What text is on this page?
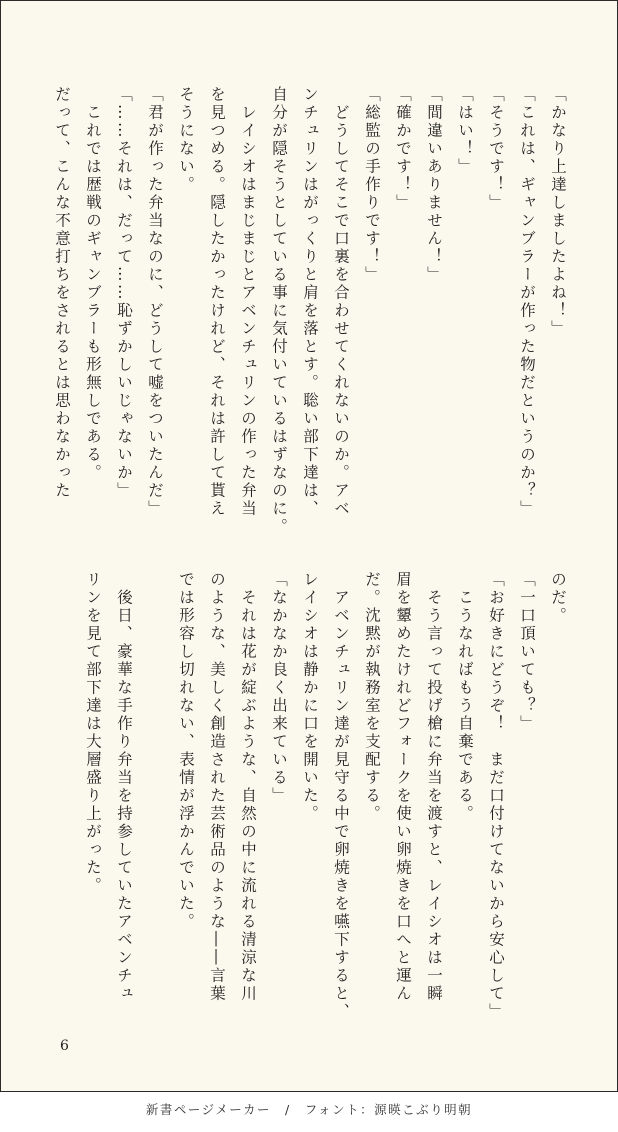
「かなり上達しましたよね！」
「これは、ギャンブラーが作った物だというのか？」
「そうです！」
「はい！」
「間違いありません！」
「確かです！」
「総監の手作りです！」
　どうしてそこで口裏を合わせてくれないのか。アベ
ンチュリンはがっくりと肩を落とす。聡い部下達は、
自分が隠そうとしている事に気付いているはずなのに。
　レイシオはまじまじとアベンチュリンの作った弁当
を見つめる。隠したかったけれど、それは許して貰え
そうにない。
「君が作った弁当なのに、どうして嘘をついたんだ」
「……それは、だって……恥ずかしいじゃないか」
　これでは歴戦のギャンブラーも形無しである。
だって、こんな不意打ちをされるとは思わなかった
のだ。
「一口頂いても？」
「お好きにどうぞ！　まだ口付けてないから安心して」
　こうなればもう自棄である。
　そう言って投げ槍に弁当を渡すと、レイシオは一瞬
眉を顰めたけれどフォークを使い卵焼きを口へと運ん
だ。沈黙が執務室を支配する。
　アベンチュリン達が見守る中で卵焼きを嚥下すると、
レイシオは静かに口を開いた。
「なかなか良く出来ている」
　それは花が綻ぶような、自然の中に流れる清涼な川
のような、美しく創造された芸術品のような――言葉
では形容し切れない、表情が浮かんでいた。

　後日、豪華な手作り弁当を持参していたアベンチュ
リンを見て部下達は大層盛り上がった。
6
新書ページメーカー　/　フォント：源暎こぶり明朝
